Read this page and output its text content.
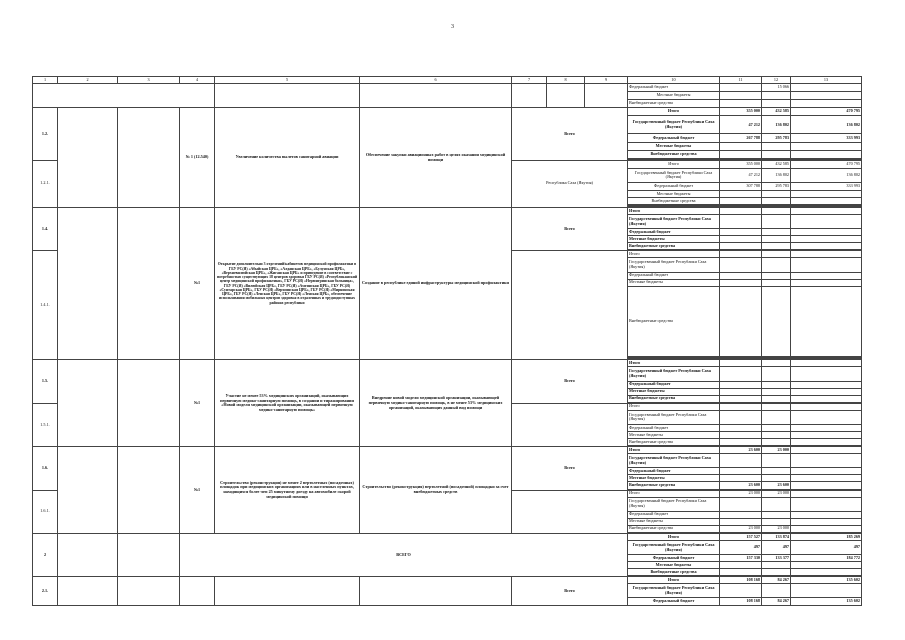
3
1	2	3	4	5	6	7	8	9	10	11	12	13
									Федеральный бюджет		15 066	
									Местные бюджеты			
									Внебюджетные средства			
1.2.			№ 1 (12.540)	Увеличение количества вылетов санитарной авиации	Обеспечение закупки авиационных работ в целях оказания медицинской помощи	Всего			Итого	355 000	432 585	470 795
									Государственный бюджет Республики Саха (Якутия)	47 212	136 802	136 802
									Федеральный бюджет	267 788	295 783	333 993
									Местные бюджеты			
									Внебюджетные средства			

1.2.1.						Республика Саха (Якутия)			Итого	355 000	432 585	470 795
									Государственный бюджет Республики Саха (Якутия)	47 212	136 802	136 802
									Федеральный бюджет	307 788	295 783	333 993
									Местные бюджеты			
									Внебюджетные средства			

1.4.			№1	Открытие дополнительно 3 отделений/кабинетов медицинской профилактики в ГБУ РС(Я) «Абыйская ЦРБ», «Алданская ЦРБ», «Булунская ЦРБ», «Верхневилюйская ЦРБ», «Жиганская ЦРБ» и приведение в соответствие с потребностью существующих 18 центров здоровья ГБУ РС(Я) «Республиканский центр медицинской профилактики», ГБУ РС(Я) «Нерюнгринская больница», ГБУ РС(Я) «Вилюйская ЦРБ», ГБУ РС(Я) «Амгинская ЦРБ», ГБУ РС(Я) «Сунтарская ЦРБ», ГБУ РС(Я) «Верхоянская ЦРБ», ГБУ РС(Я) «Мирнинская ЦРБ», ГБУ РС(Я) «Ленская ЦРБ», ГБУ РС(Я) «Ленская ЦРБ», обеспечение использования мобильных центров здоровья в отдаленных и труднодоступных районах республики	Создание в республике единой инфраструктуры медицинской профилактики	Всего			Итого			
									Государственный бюджет Республики Саха (Якутия)			
									Федеральный бюджет			
									Местные бюджеты			
									Внебюджетные средства			

1.4.1.									Итого			
									Государственный бюджет Республики Саха (Якутия)			
									Федеральный бюджет			
									Местные бюджеты			
									Внебюджетные средства			

1.5.			№1	Участие не менее 53% медицинских организаций, оказывающих первичную медико-санитарную помощь, в создании и тиражировании «Новой модели медицинской организации, оказывающей первичную медико-санитарную помощь»	Внедрение новой модели медицинской организации, оказывающей первичную медико-санитарную помощь, в не менее 53% медицинских организаций, оказывающих данный вид помощи	Всего			Итого			
									Государственный бюджет Республики Саха (Якутия)			
									Федеральный бюджет			
									Местные бюджеты			
									Внебюджетные средства			

1.5.1.									Итого			
									Государственный бюджет Республики Саха (Якутия)			
									Федеральный бюджет			
									Местные бюджеты			
									Внебюджетные средства			

1.6.			№1	Строительство (реконструкция) не менее 2 вертолетных (посадочных) площадок при медицинских организациях или в населенных пунктах, находящихся более чем 25 минутному доезду на автомобиле скорой медицинской помощи	Строительство (реконструкция) вертолетной (посадочной) площадки за счет внебюджетных средств	Всего			Итого	23 600	23 000	
									Государственный бюджет Республики Саха (Якутия)			
									Федеральный бюджет			
									Местные бюджеты			
									Внебюджетные средства	23 600	23 600	

1.6.1.									Итого	23 000	23 000	
									Государственный бюджет Республики Саха (Якутия)			
									Федеральный бюджет			
									Местные бюджеты			
									Внебюджетные средства	23 000	23 000	

2			ВСЕГО						Итого	157 527	133 874	185 269
									Государственный бюджет Республики Саха (Якутия)	497	497	497
									Федеральный бюджет	157 330	133 377	184 772
									Местные бюджеты			
									Внебюджетные средства			

2.1.						Всего			Итого	108 168	84 267	135 602
									Государственный бюджет Республики Саха (Якутия)			
									Федеральный бюджет	108 168	84 267	135 602
